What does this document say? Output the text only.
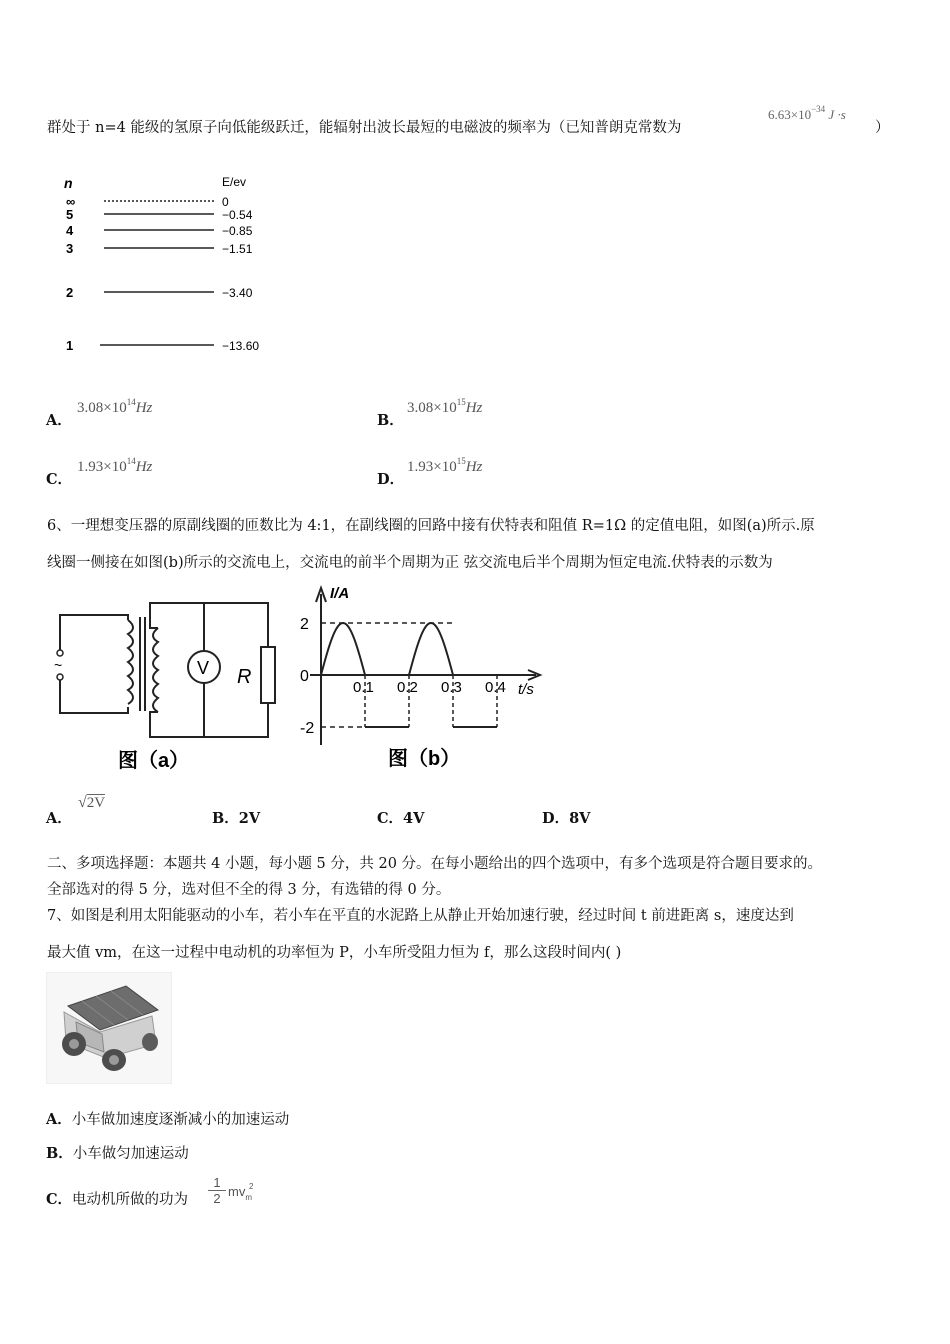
群处于 n=4 能级的氢原子向低能级跃迁，能辐射出波长最短的电磁波的频率为（已知普朗克常数为
$6.63\times 10^{-34}$ J ·s
）
n	E/ev
∞	0
5	−0.54
4	−0.85
3	−1.51
2	−3.40
1	−13.60
A．
$3.08\times 10^{14}Hz$
B．
$3.08\times 10^{15}Hz$
C．
$1.93\times 10^{14}Hz$
D．
$1.93\times 10^{15}Hz$
6、一理想变压器的原副线圈的匝数比为 4:1，在副线圈的回路中接有伏特表和阻值 R=1Ω 的定值电阻，如图(a)所示.原
线圈一侧接在如图(b)所示的交流电上，交流电的前半个周期为正 弦交流电后半个周期为恒定电流.伏特表的示数为
~	V R
图（a）
I/A
t/s
2
0
-2
0.1 0.2 0.3 0.4
图（b）
A．
√2V
B．2V	C．4V	D．8V
二、多项选择题：本题共 4 小题，每小题 5 分，共 20 分。在每小题给出的四个选项中，有多个选项是符合题目要求的。
全部选对的得 5 分，选对但不全的得 3 分，有选错的得 0 分。
7、如图是利用太阳能驱动的小车，若小车在平直的水泥路上从静止开始加速行驶，经过时间 t 前进距离 s，速度达到
最大值 vm，在这一过程中电动机的功率恒为 P，小车所受阻力恒为 f，那么这段时间内( )
A．小车做加速度逐渐减小的加速运动
B．小车做匀加速运动
C．电动机所做的功为
1
2 $mv_m^2$
